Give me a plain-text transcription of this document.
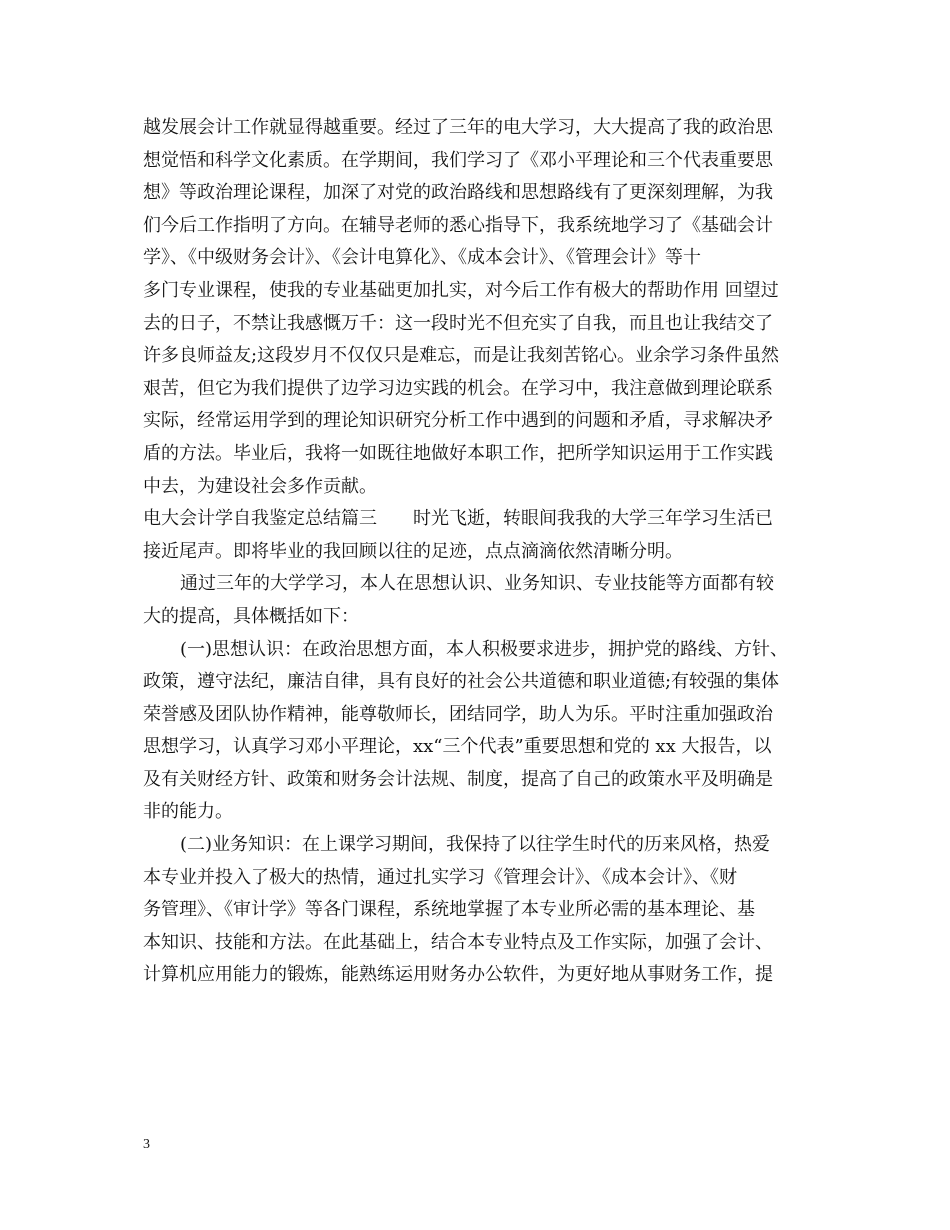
越发展会计工作就显得越重要。经过了三年的电大学习，大大提高了我的政治思

想觉悟和科学文化素质。在学期间，我们学习了《邓小平理论和三个代表重要思

想》等政治理论课程，加深了对党的政治路线和思想路线有了更深刻理解，为我

们今后工作指明了方向。在辅导老师的悉心指导下，我系统地学习了《基础会计

学》、《中级财务会计》、《会计电算化》、《成本会计》、《管理会计》等十

多门专业课程，使我的专业基础更加扎实，对今后工作有极大的帮助作用 回望过

去的日子，不禁让我感慨万千：这一段时光不但充实了自我，而且也让我结交了

许多良师益友;这段岁月不仅仅只是难忘，而是让我刻苦铭心。业余学习条件虽然

艰苦，但它为我们提供了边学习边实践的机会。在学习中，我注意做到理论联系

实际，经常运用学到的理论知识研究分析工作中遇到的问题和矛盾，寻求解决矛

盾的方法。毕业后，我将一如既往地做好本职工作，把所学知识运用于工作实践

中去，为建设社会多作贡献。

电大会计学自我鉴定总结篇三　　时光飞逝，转眼间我我的大学三年学习生活已

接近尾声。即将毕业的我回顾以往的足迹，点点滴滴依然清晰分明。

通过三年的大学学习，本人在思想认识、业务知识、专业技能等方面都有较

大的提高，具体概括如下：

(一)思想认识：在政治思想方面，本人积极要求进步，拥护党的路线、方针、

政策，遵守法纪，廉洁自律，具有良好的社会公共道德和职业道德;有较强的集体

荣誉感及团队协作精神，能尊敬师长，团结同学，助人为乐。平时注重加强政治

思想学习，认真学习邓小平理论，xx“三个代表”重要思想和党的 xx 大报告，以

及有关财经方针、政策和财务会计法规、制度，提高了自己的政策水平及明确是

非的能力。

(二)业务知识：在上课学习期间，我保持了以往学生时代的历来风格，热爱

本专业并投入了极大的热情，通过扎实学习《管理会计》、《成本会计》、《财

务管理》、《审计学》等各门课程，系统地掌握了本专业所必需的基本理论、基

本知识、技能和方法。在此基础上，结合本专业特点及工作实际，加强了会计、

计算机应用能力的锻炼，能熟练运用财务办公软件，为更好地从事财务工作，提

3
